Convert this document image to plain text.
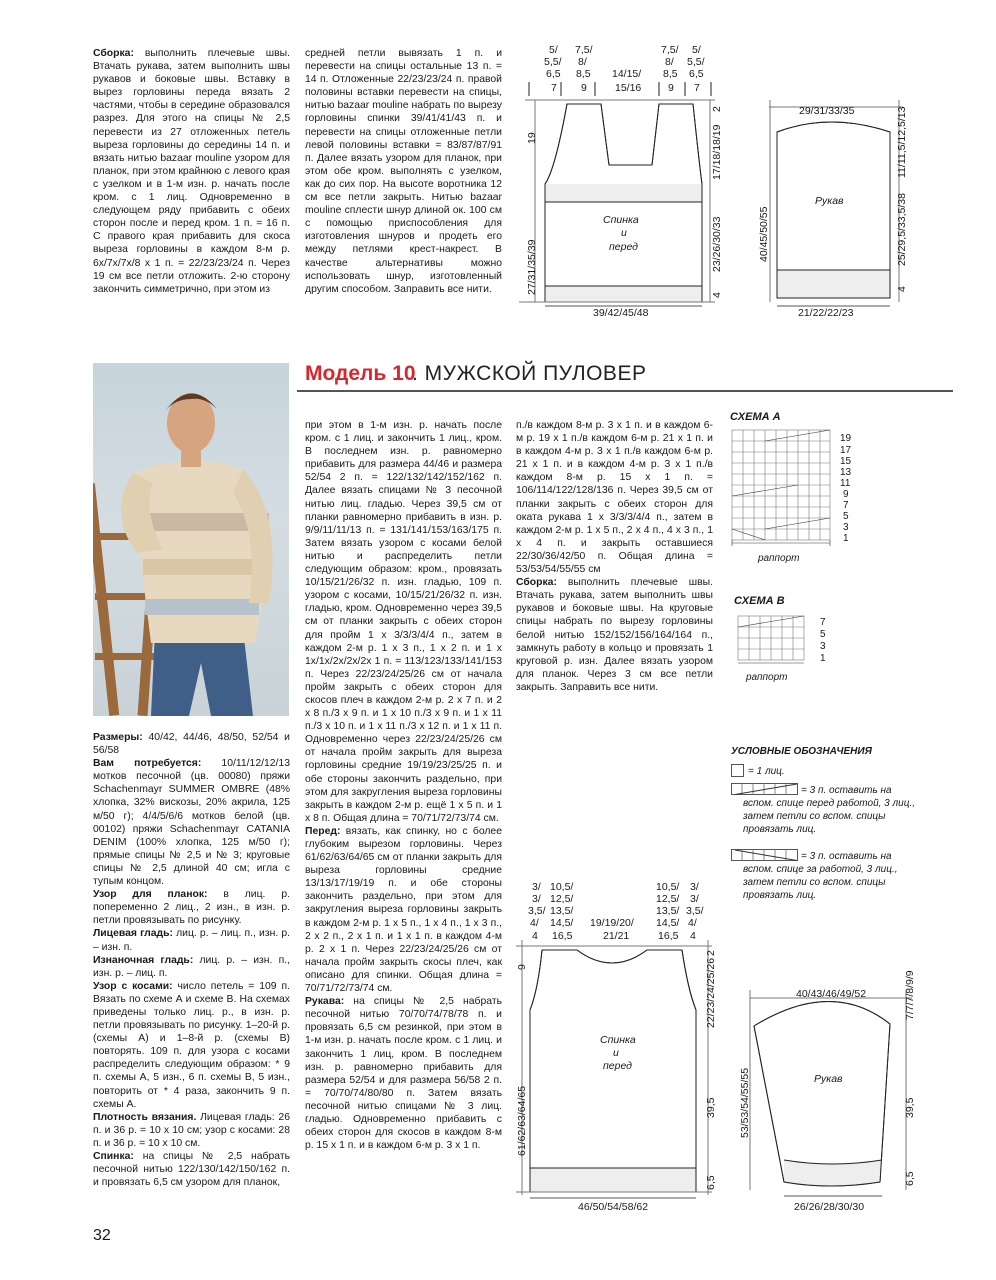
Сборка: выполнить плечевые швы. Втачать рукава, затем выполнить швы рукавов и боковые швы. Вставку в вырез горловины переда вязать 2 частями, чтобы в середине образовался разрез. Для этого на спицы № 2,5 перевести из 27 отложенных петель выреза горловины до середины 14 п. и вязать нитью bazaar mouline узором для планок, при этом крайнюю с левого края с узелком и в 1-м изн. р. начать после кром. с 1 лиц. Одновременно в следующем ряду прибавить с обеих сторон после и перед кром. 1 п. = 16 п. С правого края прибавить для скоса выреза горловины в каждом 8-м р. 6х/7х/7х/8 х 1 п. = 22/23/23/24 п. Через 19 см все петли отложить. 2-ю сторону закончить симметрично, при этом из

средней петли вывязать 1 п. и перевести на спицы остальные 13 п. = 14 п. Отложенные 22/23/23/24 п. правой половины вставки перевести на спицы, нитью bazaar mouline набрать по вырезу горловины спинки 39/41/41/43 п. и перевести на спицы отложенные петли левой половины вставки = 83/87/87/91 п. Далее вязать узором для планок, при этом обе кром. выполнять с узелком, как до сих пор. На высоте воротника 12 см все петли закрыть. Нитью bazaar mouline сплести шнур длиной ок. 100 см с помощью приспособления для изготовления шнуров и продеть его между петлями крест-накрест. В качестве альтернативы можно использовать шнур, изготовленный другим способом. Заправить все нити.

5/
5,5/
6,5
7
7,5/
8/
8,5
9
14/15/
15/16
7,5/
8/
8,5
9
5/
5,5/
6,5
7
19
27/31/35/39
2
17/18/18/19
23/26/30/33
4
Спинка
и
перед
39/42/45/48
29/31/33/35
Рукав
40/45/50/55
11/11,5/12,5/13
25/29,5/33,5/38
4
21/22/22/23
Модель 10
. МУЖСКОЙ ПУЛОВЕР

Размеры: 40/42, 44/46, 48/50, 52/54 и 56/58

Вам потребуется: 10/11/12/12/13 мотков песочной (цв. 00080) пряжи Schachenmayr SUMMER OMBRE (48% хлопка, 32% вискозы, 20% акрила, 125 м/50 г); 4/4/5/6/6 мотков белой (цв. 00102) пряжи Schachenmayr CATANIA DENIM (100% хлопка, 125 м/50 г); прямые спицы № 2,5 и № 3; круговые спицы № 2,5 длиной 40 см; игла с тупым концом.

Узор для планок: в лиц. р. попеременно 2 лиц., 2 изн., в изн. р. петли провязывать по рисунку.

Лицевая гладь: лиц. р. – лиц. п., изн. р. – изн. п.

Изнаночная гладь: лиц. р. – изн. п., изн. р. – лиц. п.

Узор с косами: число петель = 109 п. Вязать по схеме А и схеме В. На схемах приведены только лиц. р., в изн. р. петли провязывать по рисунку. 1–20-й р. (схемы А) и 1–8-й р. (схемы В) повторять. 109 п. для узора с косами распределить следующим образом: * 9 п. схемы А, 5 изн., 6 п. схемы В, 5 изн., повторить от * 4 раза, закончить 9 п. схемы А.

Плотность вязания. Лицевая гладь: 26 п. и 36 р. = 10 х 10 см; узор с косами: 28 п. и 36 р. = 10 х 10 см.

Спинка: на спицы № 2,5 набрать песочной нитью 122/130/142/150/162 п. и провязать 6,5 см узором для планок,

при этом в 1-м изн. р. начать после кром. с 1 лиц. и закончить 1 лиц., кром. В последнем изн. р. равномерно прибавить для размера 44/46 и размера 52/54 2 п. = 122/132/142/152/162 п. Далее вязать спицами № 3 песочной нитью лиц. гладью. Через 39,5 см от планки равномерно прибавить в изн. р. 9/9/11/11/13 п. = 131/141/153/163/175 п. Затем вязать узором с косами белой нитью и распределить петли следующим образом: кром., провязать 10/15/21/26/32 п. изн. гладью, 109 п. узором с косами, 10/15/21/26/32 п. изн. гладью, кром. Одновременно через 39,5 см от планки закрыть с обеих сторон для пройм 1 х 3/3/3/4/4 п., затем в каждом 2-м р. 1 х 3 п., 1 х 2 п. и 1 х 1х/1х/2х/2х/2х 1 п. = 113/123/133/141/153 п. Через 22/23/24/25/26 см от начала пройм закрыть с обеих сторон для скосов плеч в каждом 2-м р. 2 х 7 п. и 2 х 8 п./3 х 9 п. и 1 х 10 п./3 х 9 п. и 1 х 11 п./3 х 10 п. и 1 х 11 п./3 х 12 п. и 1 х 11 п. Одновременно через 22/23/24/25/26 см от начала пройм закрыть для выреза горловины средние 19/19/23/25/25 п. и обе стороны закончить раздельно, при этом для закругления выреза горловины закрыть в каждом 2-м р. ещё 1 х 5 п. и 1 х 8 п. Общая длина = 70/71/72/73/74 см.

Перед: вязать, как спинку, но с более глубоким вырезом горловины. Через 61/62/63/64/65 см от планки закрыть для выреза горловины средние 13/13/17/19/19 п. и обе стороны закончить раздельно, при этом для закругления выреза горловины закрыть в каждом 2-м р. 1 х 5 п., 1 х 4 п., 1 х 3 п., 2 х 2 п., 2 х 1 п. и 1 х 1 п. в каждом 4-м р. 2 х 1 п. Через 22/23/24/25/26 см от начала пройм закрыть скосы плеч, как описано для спинки. Общая длина = 70/71/72/73/74 см.

Рукава: на спицы № 2,5 набрать песочной нитью 70/70/74/78/78 п. и провязать 6,5 см резинкой, при этом в 1-м изн. р. начать после кром. с 1 лиц. и закончить 1 лиц, кром. В последнем изн. р. равномерно прибавить для размера 52/54 и для размера 56/58 2 п. = 70/70/74/80/80 п. Затем вязать песочной нитью спицами № 3 лиц. гладью. Одновременно прибавить с обеих сторон для скосов в каждом 8-м р. 15 х 1 п. и в каждом 6-м р. 3 х 1 п.

п./в каждом 8-м р. 3 х 1 п. и в каждом 6-м р. 19 х 1 п./в каждом 6-м р. 21 х 1 п. и в каждом 4-м р. 3 х 1 п./в каждом 6-м р. 21 х 1 п. и в каждом 4-м р. 3 х 1 п./в каждом 8-м р. 15 х 1 п. = 106/114/122/128/136 п. Через 39,5 см от планки закрыть с обеих сторон для оката рукава 1 х 3/3/3/4/4 п., затем в каждом 2-м р. 1 х 5 п., 2 х 4 п., 4 х 3 п., 1 х 4 п. и закрыть оставшиеся 22/30/36/42/50 п. Общая длина = 53/53/54/55/55 см

Сборка: выполнить плечевые швы. Втачать рукава, затем выполнить швы рукавов и боковые швы. На круговые спицы набрать по вырезу горловины белой нитью 152/152/156/164/164 п., замкнуть работу в кольцо и провязать 1 круговой р. изн. Далее вязать узором для планок. Через 3 см все петли закрыть. Заправить все нити.

СХЕМА А
19
17
15
13
11
9
7
5
3
1
раппорт
СХЕМА В
7
5
3
1
раппорт
УСЛОВНЫЕ ОБОЗНАЧЕНИЯ
= 1 лиц.
= 3 п. оставить на вспом. спице перед работой, 3 лиц., затем петли со вспом. спицы провязать лиц.
= 3 п. оставить на вспом. спице за работой, 3 лиц., затем петли со вспом. спицы провязать лиц.
3/
3/
3,5/
4/
4
10,5/
12,5/
13,5/
14,5/
16,5
19/19/20/
21/21
10,5/
12,5/
13,5/
14,5/
16,5
3/
3/
3,5/
4/
4
9
61/62/63/64/65
2
22/23/24/25/26
39,5
6,5
Спинка
и
перед
46/50/54/58/62
40/43/46/49/52
Рукав
53/53/54/55/55
7/7/7/8/9/9
39,5
6,5
26/26/28/30/30
32
